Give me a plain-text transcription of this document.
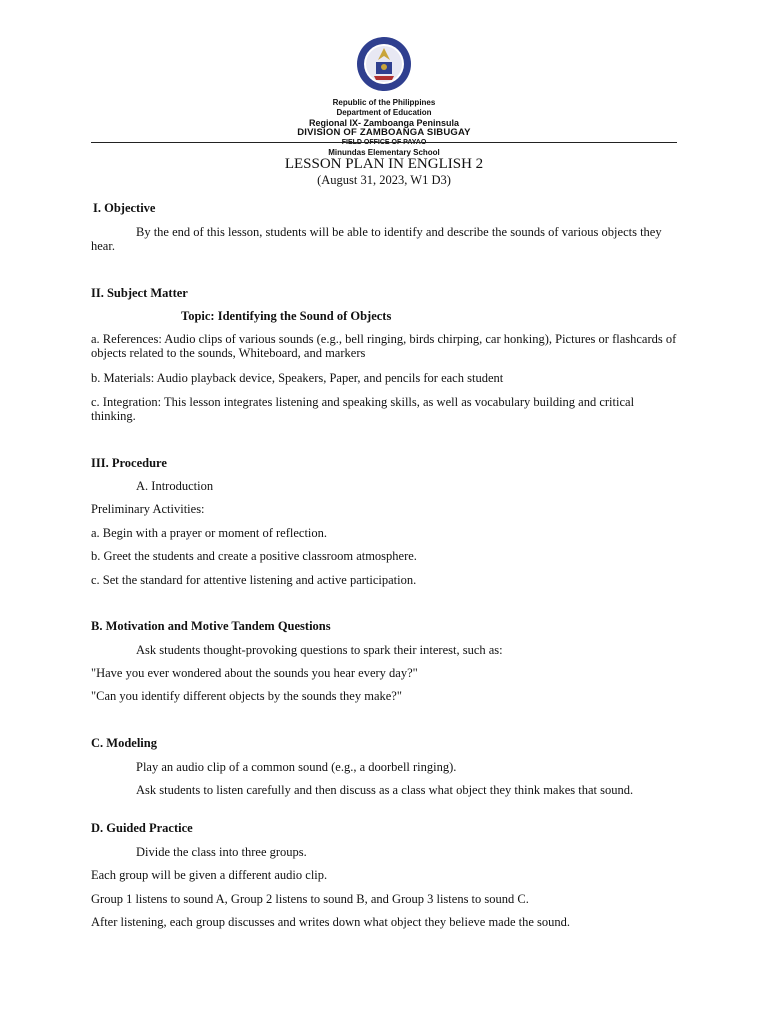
Republic of the Philippines
Department of Education
Regional IX- Zamboanga Peninsula
DIVISION OF ZAMBOANGA SIBUGAY
FIELD OFFICE OF PAYAO
Minundas Elementary School
LESSON PLAN IN ENGLISH 2
(August 31, 2023, W1 D3)

I. Objective

By the end of this lesson, students will be able to identify and describe the sounds of various objects they hear.

II. Subject Matter

Topic: Identifying the Sound of Objects

a. References: Audio clips of various sounds (e.g., bell ringing, birds chirping, car honking), Pictures or flashcards of objects related to the sounds, Whiteboard, and markers

b. Materials: Audio playback device, Speakers, Paper, and pencils for each student

c. Integration: This lesson integrates listening and speaking skills, as well as vocabulary building and critical thinking.

III. Procedure

A. Introduction

Preliminary Activities:

a. Begin with a prayer or moment of reflection.

b. Greet the students and create a positive classroom atmosphere.

c. Set the standard for attentive listening and active participation.

B. Motivation and Motive Tandem Questions

Ask students thought-provoking questions to spark their interest, such as:

"Have you ever wondered about the sounds you hear every day?"

"Can you identify different objects by the sounds they make?"

C. Modeling

Play an audio clip of a common sound (e.g., a doorbell ringing).

Ask students to listen carefully and then discuss as a class what object they think makes that sound.

D. Guided Practice

Divide the class into three groups.

Each group will be given a different audio clip.

Group 1 listens to sound A, Group 2 listens to sound B, and Group 3 listens to sound C.

After listening, each group discusses and writes down what object they believe made the sound.
